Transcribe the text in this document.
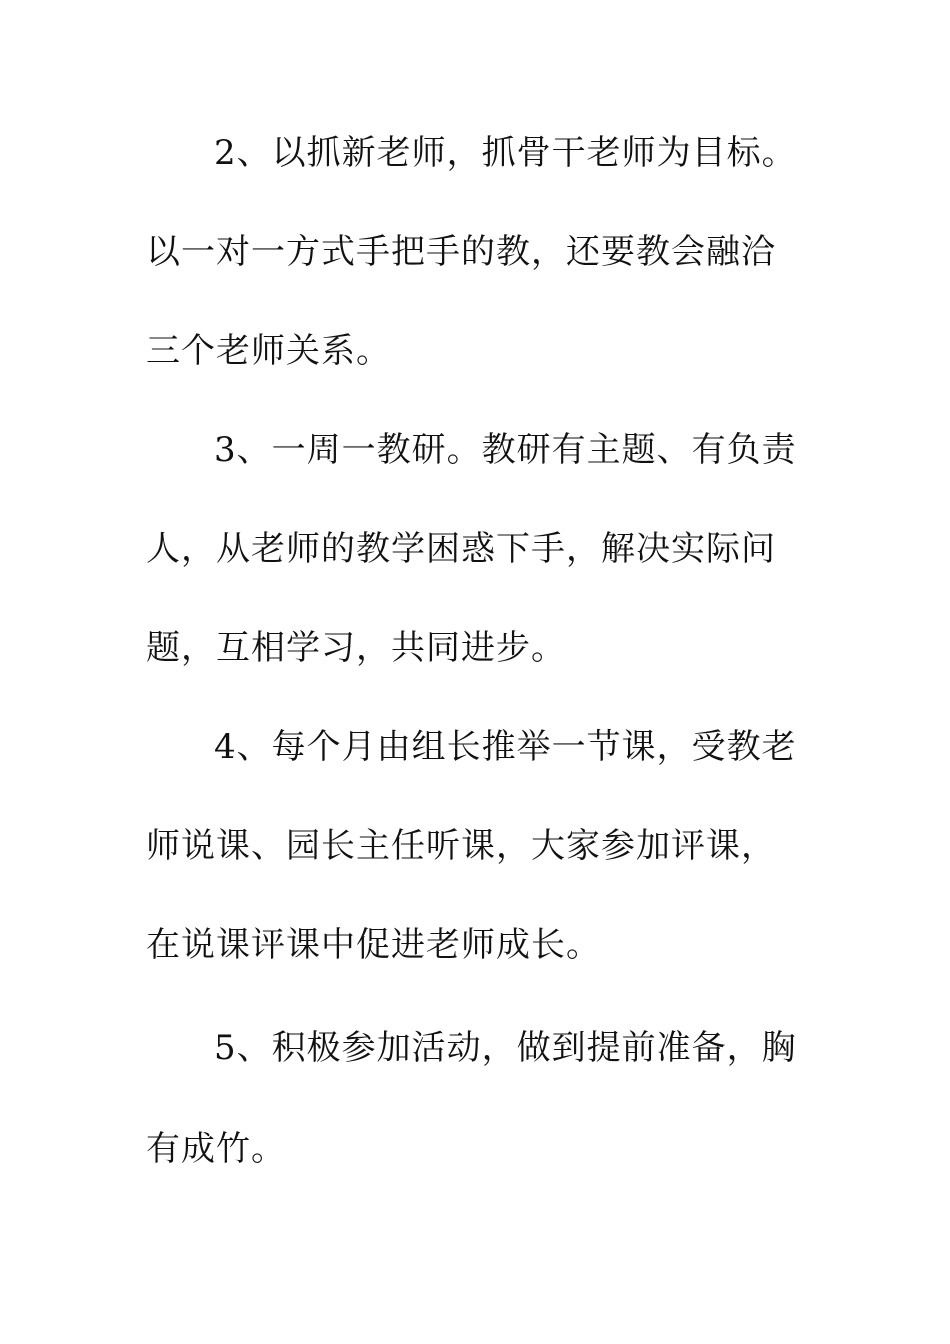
2、以抓新老师，抓骨干老师为目标。
以一对一方式手把手的教，还要教会融洽
三个老师关系。
3、一周一教研。教研有主题、有负责
人，从老师的教学困惑下手，解决实际问
题，互相学习，共同进步。
4、每个月由组长推举一节课，受教老
师说课、园长主任听课，大家参加评课，
在说课评课中促进老师成长。
5、积极参加活动，做到提前准备，胸
有成竹。
